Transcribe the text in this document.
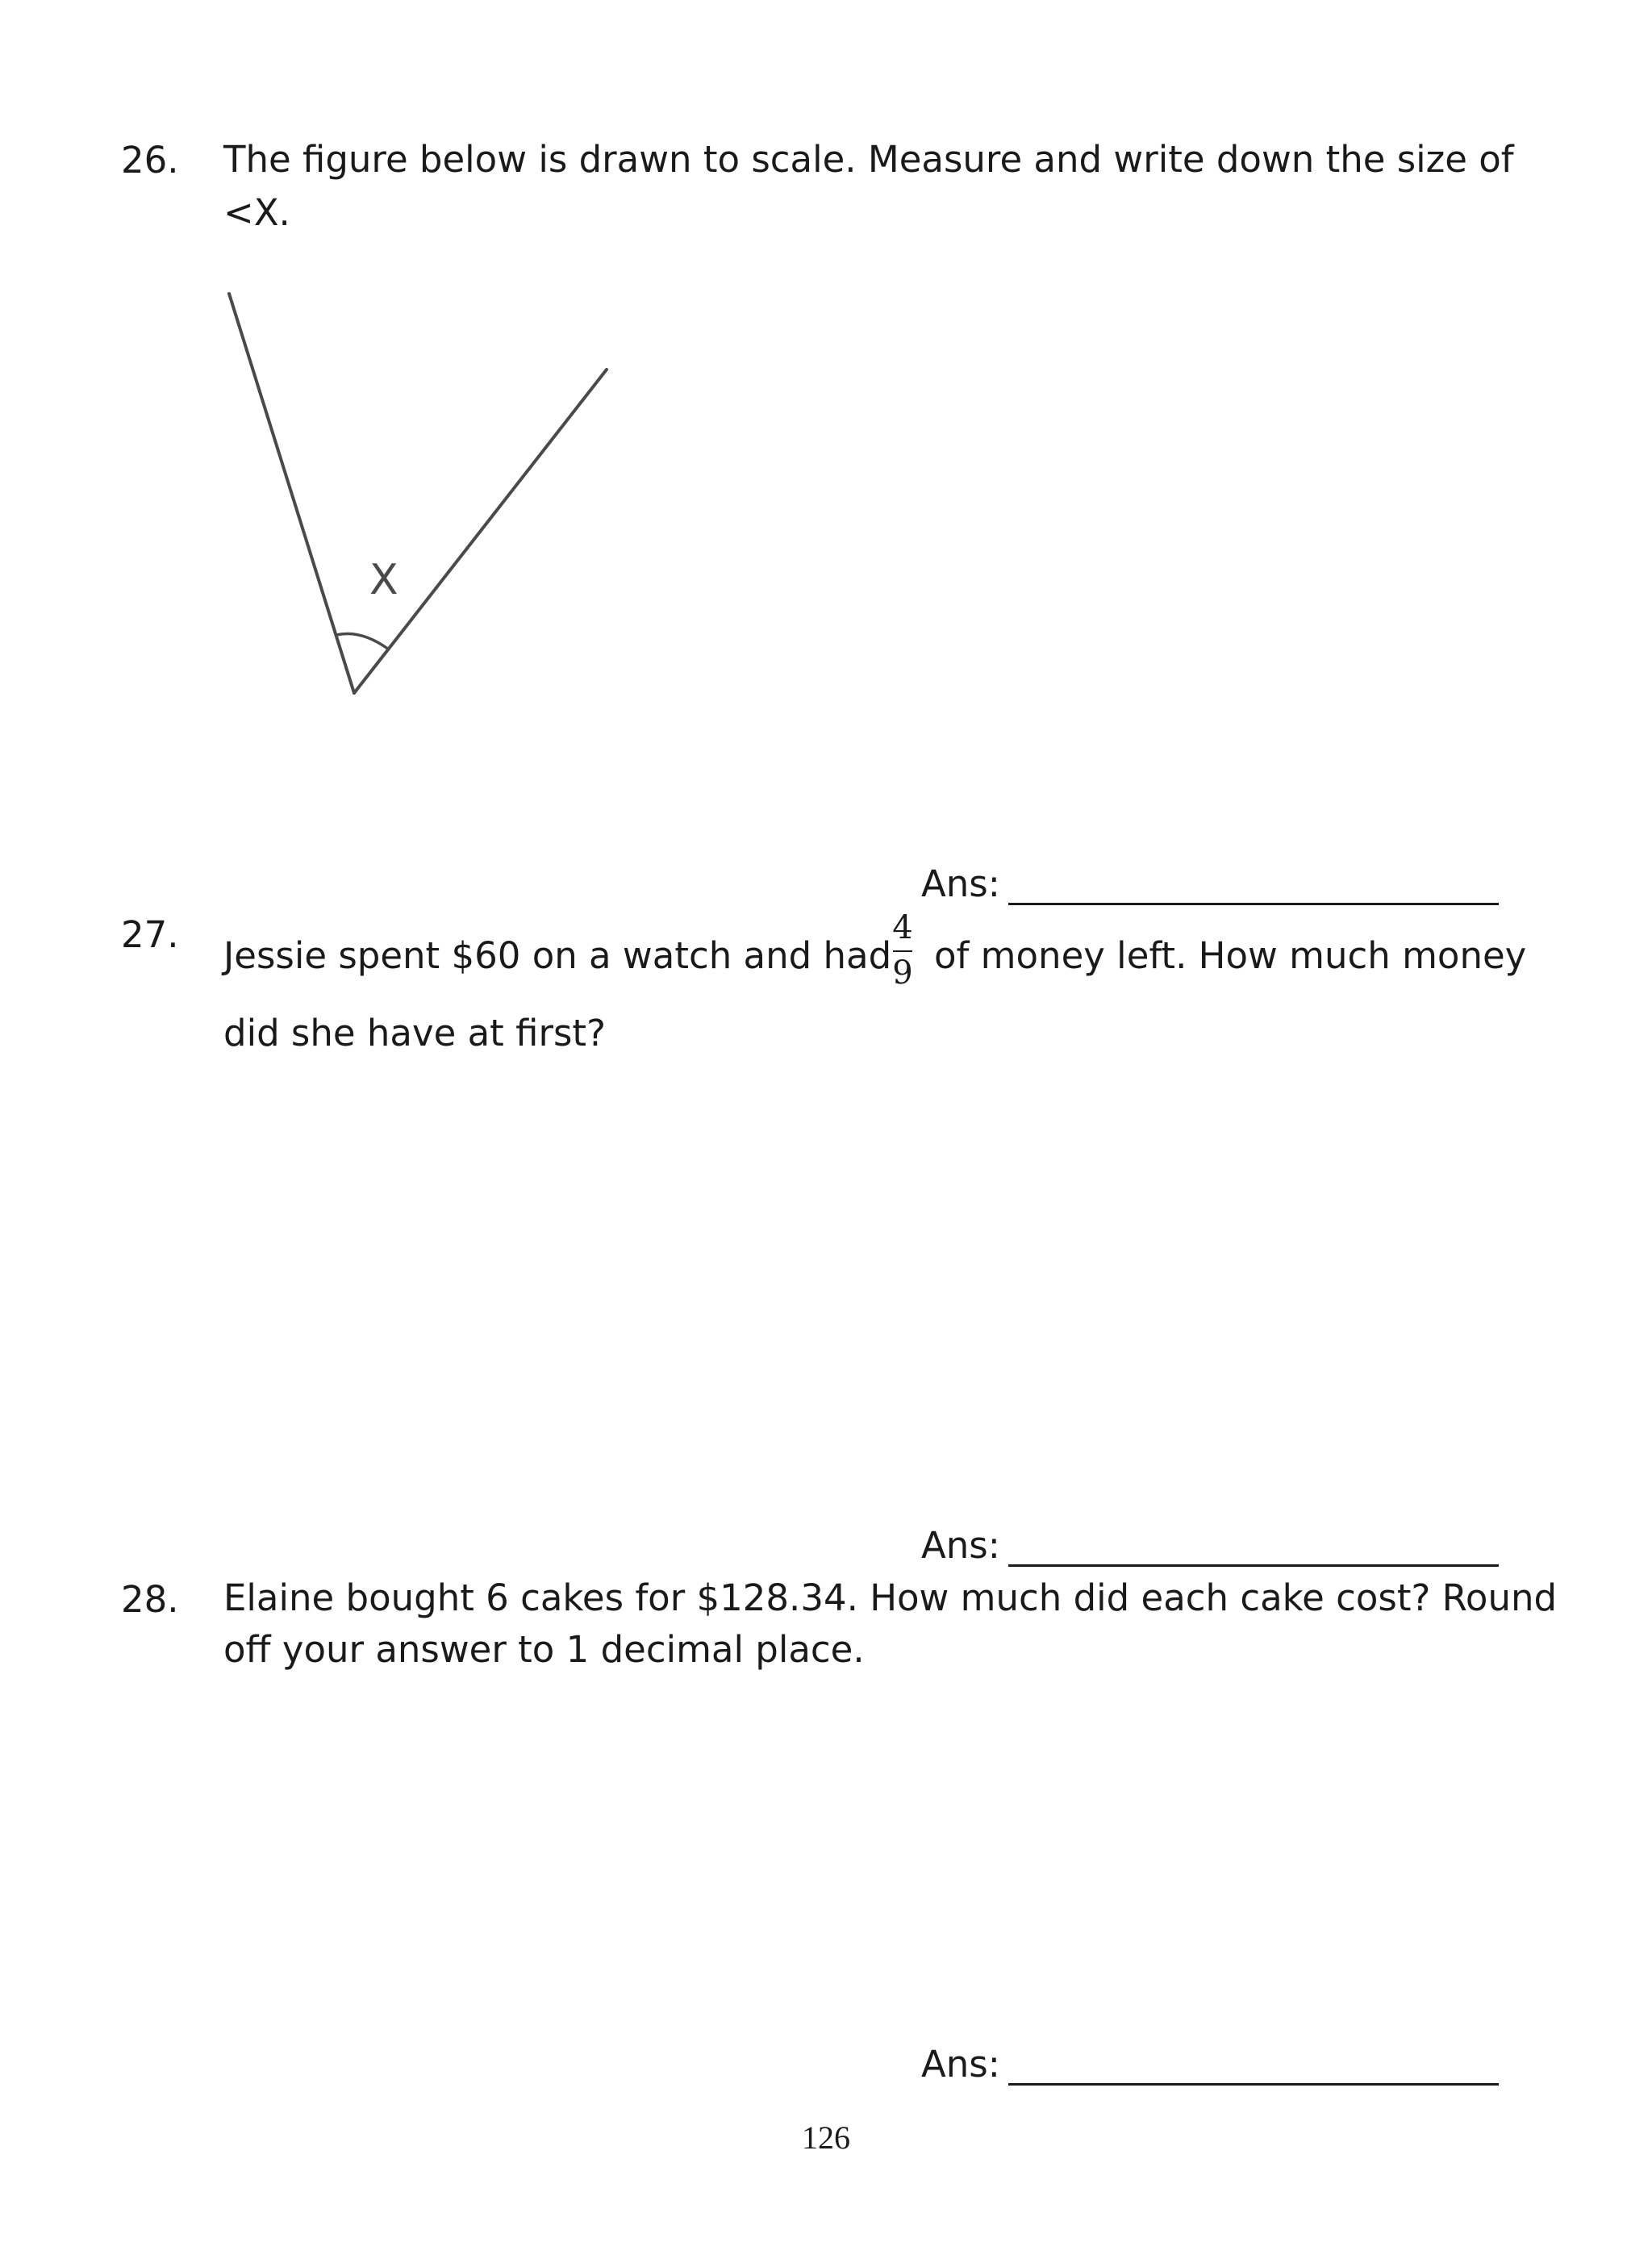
26. The figure below is drawn to scale. Measure and write down the size of
<X.
X
Ans:
27. Jessie spent $60 on a watch and had
4
9 of money left. How much money
did she have at first?
Ans:
28. Elaine bought 6 cakes for $128.34. How much did each cake cost? Round
off your answer to 1 decimal place.
Ans:
126
